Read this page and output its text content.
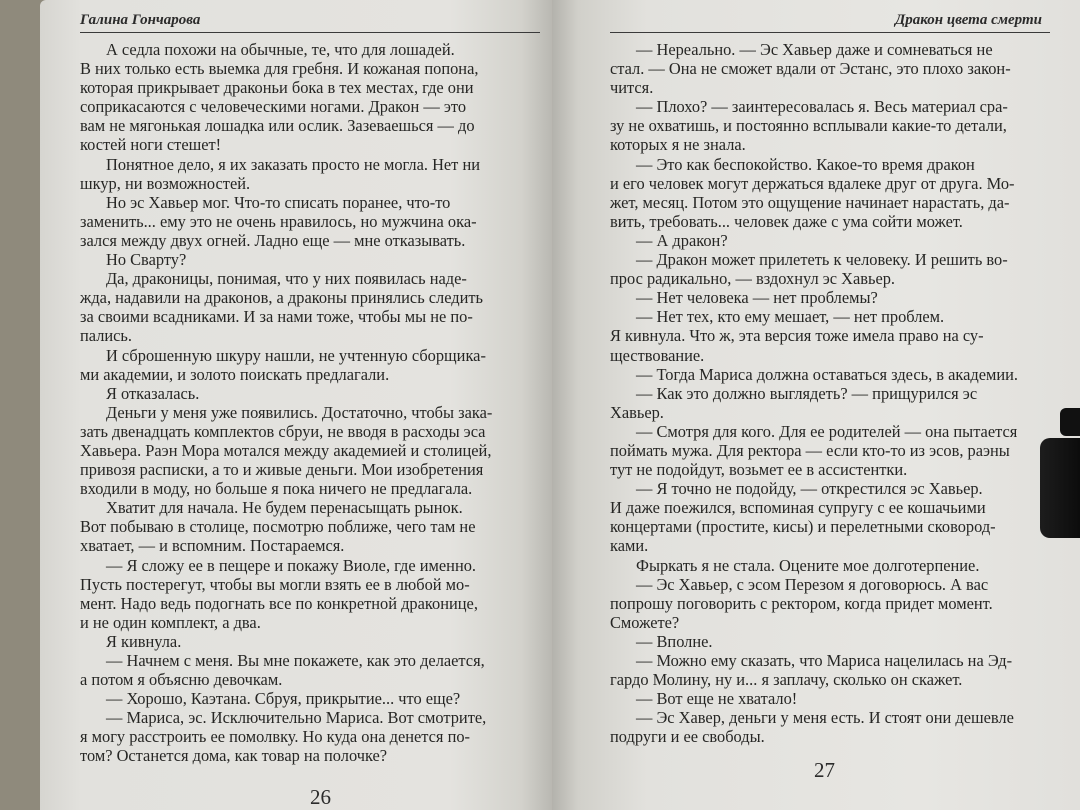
Галина Гончарова
А седла похожи на обычные, те, что для лошадей.
В них только есть выемка для гребня. И кожаная попона,
которая прикрывает драконьи бока в тех местах, где они
соприкасаются с человеческими ногами. Дракон — это
вам не мягонькая лошадка или ослик. Зазеваешься — до
костей ноги стешет!
Понятное дело, я их заказать просто не могла. Нет ни
шкур, ни возможностей.
Но эс Хавьер мог. Что-то списать поранее, что-то
заменить... ему это не очень нравилось, но мужчина ока-
зался между двух огней. Ладно еще — мне отказывать.
Но Сварту?
Да, драконицы, понимая, что у них появилась наде-
жда, надавили на драконов, а драконы принялись следить
за своими всадниками. И за нами тоже, чтобы мы не по-
пались.
И сброшенную шкуру нашли, не учтенную сборщика-
ми академии, и золото поискать предлагали.
Я отказалась.
Деньги у меня уже появились. Достаточно, чтобы зака-
зать двенадцать комплектов сбруи, не вводя в расходы эса
Хавьера. Раэн Мора мотался между академией и столицей,
привозя расписки, а то и живые деньги. Мои изобретения
входили в моду, но больше я пока ничего не предлагала.
Хватит для начала. Не будем перенасыщать рынок.
Вот побываю в столице, посмотрю поближе, чего там не
хватает, — и вспомним. Постараемся.
— Я сложу ее в пещере и покажу Виоле, где именно.
Пусть постерегут, чтобы вы могли взять ее в любой мо-
мент. Надо ведь подогнать все по конкретной дрaконице,
и не один комплект, а два.
Я кивнула.
— Начнем с меня. Вы мне покажете, как это делается,
а потом я объясню девочкам.
— Хорошо, Каэтана. Сбруя, прикрытие... что еще?
— Мариса, эс. Исключительно Мариса. Вот смотрите,
я могу расстроить ее помолвку. Но куда она денется по-
том? Останется дома, как товар на полочке?
26
Дракон цвета смерти
— Нереально. — Эс Хавьер даже и сомневаться не
стал. — Она не сможет вдали от Эстанс, это плохо закон-
чится.
— Плохо? — заинтересовалась я. Весь материал сра-
зу не охватишь, и постоянно всплывали какие-то детали,
которых я не знала.
— Это как беспокойство. Какое-то время дракон
и его человек могут держаться вдалеке друг от друга. Мо-
жет, месяц. Потом это ощущение начинает нарастать, да-
вить, требовать... человек даже с ума сойти может.
— А дракон?
— Дракон может прилететь к человеку. И решить во-
прос радикально, — вздохнул эс Хавьер.
— Нет человека — нет проблемы?
— Нет тех, кто ему мешает, — нет проблем.
Я кивнула. Что ж, эта версия тоже имела право на су-
ществование.
— Тогда Мариса должна оставаться здесь, в академии.
— Как это должно выглядеть? — прищурился эс
Хавьер.
— Смотря для кого. Для ее родителей — она пытается
поймать мужа. Для ректора — если кто-то из эсов, раэны
тут не подойдут, возьмет ее в ассистентки.
— Я точно не подойду, — открестился эс Хавьер.
И даже поежился, вспоминая супругу с ее кошачьими
концертами (простите, кисы) и перелетными сковород-
ками.
Фыркать я не стала. Оцените мое долготерпение.
— Эс Хавьер, с эсом Перезом я договорюсь. А вас
попрошу поговорить с ректором, когда придет момент.
Сможете?
— Вполне.
— Можно ему сказать, что Мариса нацелилась на Эд-
гардо Молину, ну и... я заплачу, сколько он скажет.
— Вот еще не хватало!
— Эс Хавер, деньги у меня есть. И стоят они дешевле
подруги и ее свободы.
27
